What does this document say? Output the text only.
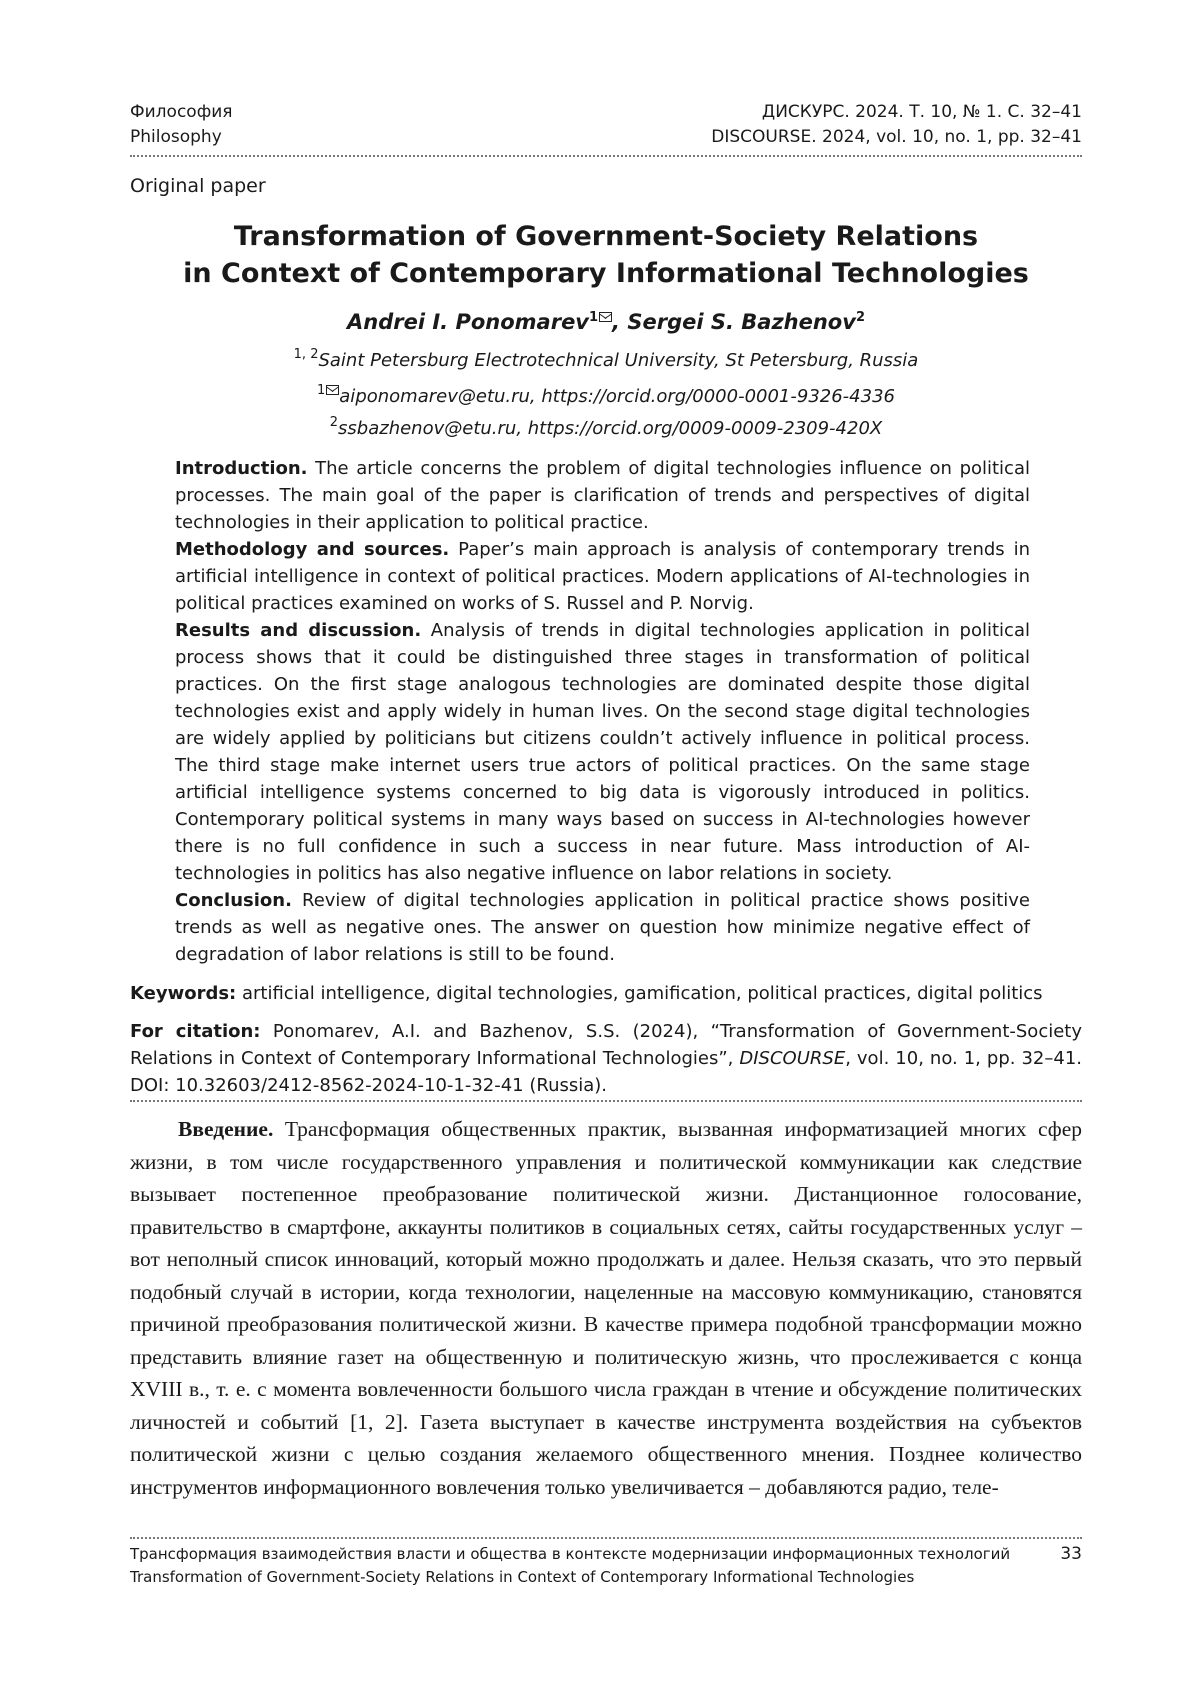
Философия	ДИСКУРС. 2024. Т. 10, № 1. С. 32–41
Philosophy	DISCOURSE. 2024, vol. 10, no. 1, pp. 32–41
Original paper
Transformation of Government-Society Relations
in Context of Contemporary Informational Technologies
Andrei I. Ponomarev$^1$ , Sergei S. Bazhenov$^2$
$^{1, 2}$Saint Petersburg Electrotechnical University, St Petersburg, Russia
$^1$ aiponomarev@etu.ru, https://orcid.org/0000-0001-9326-4336
$^2$ssbazhenov@etu.ru, https://orcid.org/0009-0009-2309-420X

Introduction. The article concerns the problem of digital technologies influence on political processes. The main goal of the paper is clarification of trends and perspectives of digital technologies in their application to political practice.

Methodology and sources. Paper’s main approach is analysis of contemporary trends in artificial intelligence in context of political practices. Modern applications of AI-technologies in political practices examined on works of S. Russel and P. Norvig.

Results and discussion. Analysis of trends in digital technologies application in political process shows that it could be distinguished three stages in transformation of political practices. On the first stage analogous technologies are dominated despite those digital technologies exist and apply widely in human lives. On the second stage digital technologies are widely applied by politicians but citizens couldn’t actively influence in political process. The third stage make internet users true actors of political practices. On the same stage artificial intelligence systems concerned to big data is vigorously introduced in politics. Contemporary political systems in many ways based on success in AI-technologies however there is no full confidence in such a success in near future. Mass introduction of AI-technologies in politics has also negative influence on labor relations in society.

Conclusion. Review of digital technologies application in political practice shows positive trends as well as negative ones. The answer on question how minimize negative effect of degradation of labor relations is still to be found.

Keywords: artificial intelligence, digital technologies, gamification, political practices, digital politics
For citation: Ponomarev, A.I. and Bazhenov, S.S. (2024), “Transformation of Government-Society Relations in Context of Contemporary Informational Technologies”, DISCOURSE, vol. 10, no. 1, pp. 32–41. DOI: 10.32603/2412-8562-2024-10-1-32-41 (Russia).

Введение. Трансформация общественных практик, вызванная информатизацией многих сфер жизни, в том числе государственного управления и политической коммуникации как следствие вызывает постепенное преобразование политической жизни. Дистанционное голосование, правительство в смартфоне, аккаунты политиков в социальных сетях, сайты государственных услуг – вот неполный список инноваций, который можно продолжать и далее. Нельзя сказать, что это первый подобный случай в истории, когда технологии, нацеленные на массовую коммуникацию, становятся причиной преобразования политической жизни. В качестве примера подобной трансформации можно представить влияние газет на общественную и политическую жизнь, что прослеживается с конца XVIII в., т. е. с момента вовлеченности большого числа граждан в чтение и обсуждение политических личностей и событий [1, 2]. Газета выступает в качестве инструмента воздействия на субъектов политической жизни с целью создания желаемого общественного мнения. Позднее количество инструментов информационного вовлечения только увеличивается – добавляются радио, теле-

Трансформация взаимодействия власти и общества в контексте модернизации информационных технологий	33
Transformation of Government-Society Relations in Context of Contemporary Informational Technologies
